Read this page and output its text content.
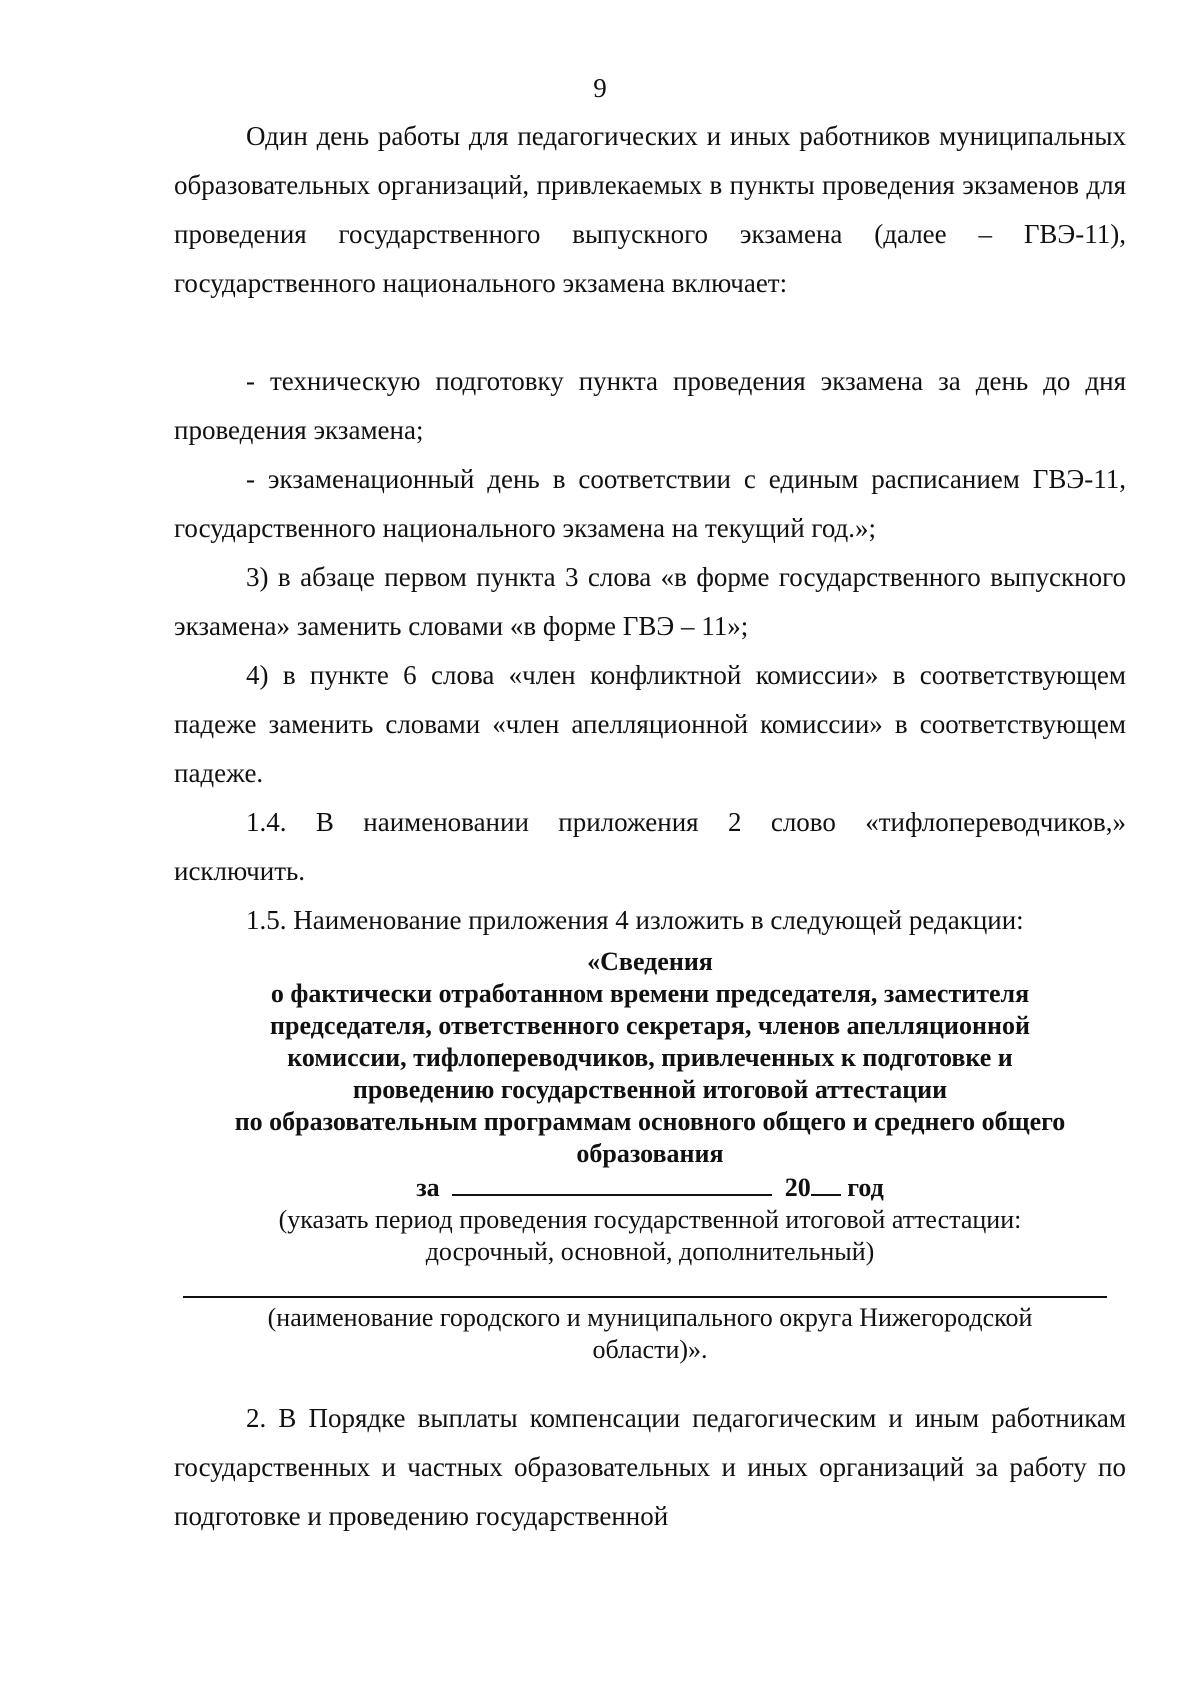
9

Один день работы для педагогических и иных работников муниципальных образовательных организаций, привлекаемых в пункты проведения экзаменов для проведения государственного выпускного экзамена (далее – ГВЭ-11), государственного национального экзамена включает:

- техническую подготовку пункта проведения экзамена за день до дня проведения экзамена;

- экзаменационный день в соответствии с единым расписанием ГВЭ-11, государственного национального экзамена на текущий год.»;

3) в абзаце первом пункта 3 слова «в форме государственного выпускного экзамена» заменить словами «в форме ГВЭ – 11»;

4) в пункте 6 слова «член конфликтной комиссии» в соответствующем падеже заменить словами «член апелляционной комиссии» в соответствующем падеже.

1.4. В наименовании приложения 2 слово «тифлопереводчиков,» исключить.

1.5. Наименование приложения 4 изложить в следующей редакции:

«Сведения
о фактически отработанном времени председателя, заместителя
председателя, ответственного секретаря, членов апелляционной
комиссии, тифлопереводчиков, привлеченных к подготовке и
проведению государственной итоговой аттестации
по образовательным программам основного общего и среднего общего
образования
за	20 год
(указать период проведения государственной итоговой аттестации:
досрочный, основной, дополнительный)
(наименование городского и муниципального округа Нижегородской
области)».

2. В Порядке выплаты компенсации педагогическим и иным работникам государственных и частных образовательных и иных организаций за работу по подготовке и проведению государственной
